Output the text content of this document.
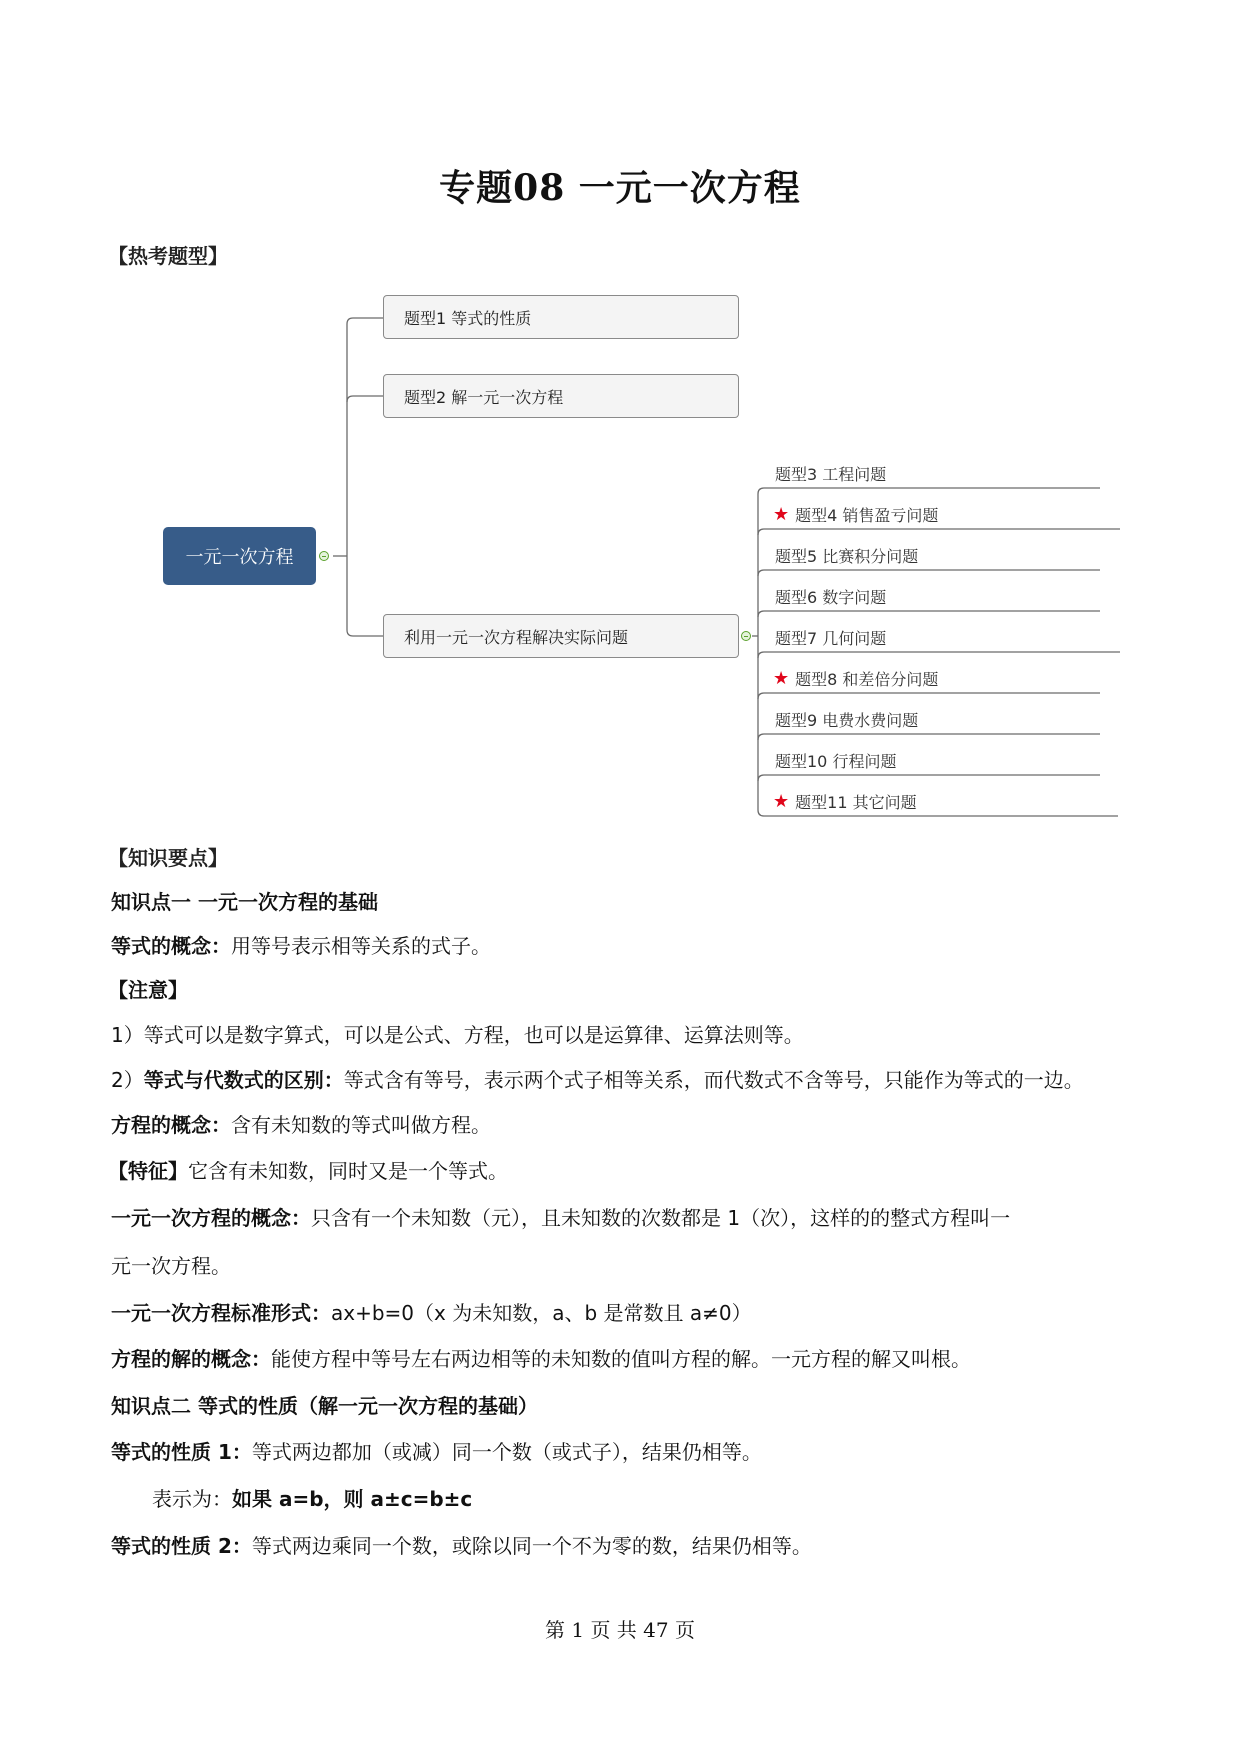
专题08 一元一次方程
【热考题型】
一元一次方程
题型1 等式的性质
题型2 解一元一次方程
利用一元一次方程解决实际问题
题型3 工程问题
★ 题型4 销售盈亏问题
题型5 比赛积分问题
题型6 数字问题
题型7 几何问题
★ 题型8 和差倍分问题
题型9 电费水费问题
题型10 行程问题
★ 题型11 其它问题
【知识要点】
知识点一 一元一次方程的基础
等式的概念：用等号表示相等关系的式子。
【注意】
1）等式可以是数字算式，可以是公式、方程，也可以是运算律、运算法则等。
2）等式与代数式的区别：等式含有等号，表示两个式子相等关系，而代数式不含等号，只能作为等式的一边。
方程的概念：含有未知数的等式叫做方程。
【特征】它含有未知数，同时又是一个等式。
一元一次方程的概念：只含有一个未知数（元），且未知数的次数都是 1（次），这样的的整式方程叫一
元一次方程。
一元一次方程标准形式：ax+b=0（x 为未知数，a、b 是常数且 a≠0）
方程的解的概念：能使方程中等号左右两边相等的未知数的值叫方程的解。一元方程的解又叫根。
知识点二 等式的性质（解一元一次方程的基础）
等式的性质 1：等式两边都加（或减）同一个数（或式子），结果仍相等。
表示为：如果 a=b，则 a±c=b±c
等式的性质 2：等式两边乘同一个数，或除以同一个不为零的数，结果仍相等。
第 1 页 共 47 页
